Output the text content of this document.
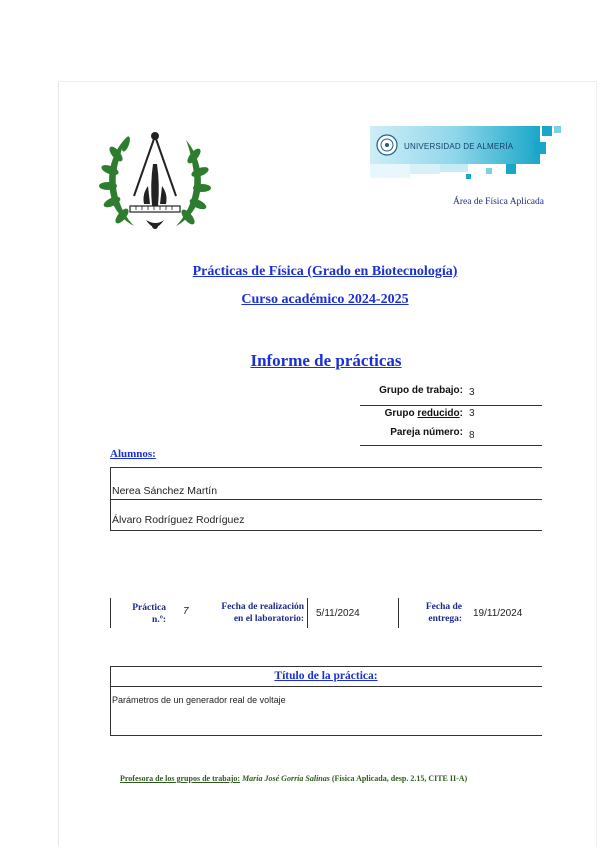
UNIVERSIDAD DE ALMERÍA
Área de Física Aplicada
Prácticas de Física (Grado en Biotecnología)
Curso académico 2024-2025
Informe de prácticas
Grupo de trabajo: 3
Grupo reducido: 3
Pareja número: 8
Alumnos:
Nerea Sánchez Martín
Álvaro Rodríguez Rodríguez
Práctica
n.º:
7	Fecha de realización
en el laboratorio: 5/11/2024
Fecha de
entrega: 19/11/2024
Título de la práctica:
Parámetros de un generador real de voltaje
Profesora de los grupos de trabajo: María José Gorría Salinas (Física Aplicada, desp. 2.15, CITE II-A)
